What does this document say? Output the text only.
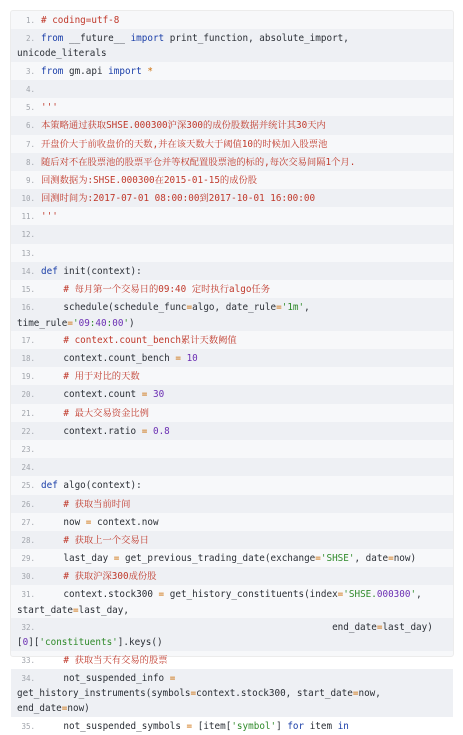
1. # coding=utf-8
2. from __future__ import print_function, absolute_import,
unicode_literals
3. from gm.api import *
4.
5. '''
6. 本策略通过获取SHSE.000300沪深300的成份股数据并统计其30天内
7. 开盘价大于前收盘价的天数,并在该天数大于阈值10的时候加入股票池
8. 随后对不在股票池的股票平仓并等权配置股票池的标的,每次交易间隔1个月.
9. 回测数据为:SHSE.000300在2015-01-15的成份股
10. 回测时间为:2017-07-01 08:00:00到2017-10-01 16:00:00
11. '''
12.
13.
14. def init(context):
15. # 每月第一个交易日的09:40 定时执行algo任务
16. schedule(schedule_func=algo, date_rule='1m',
time_rule='09:40:00')
17. # context.count_bench累计天数阙值
18. context.count_bench = 10
19. # 用于对比的天数
20. context.count = 30
21. # 最大交易资金比例
22. context.ratio = 0.8
23.
24.
25. def algo(context):
26. # 获取当前时间
27. now = context.now
28. # 获取上一个交易日
29. last_day = get_previous_trading_date(exchange='SHSE', date=now)
30. # 获取沪深300成份股
31. context.stock300 = get_history_constituents(index='SHSE.000300',
start_date=last_day,
32. end_date=last_day)
[0]['constituents'].keys()
33. # 获取当天有交易的股票
34. not_suspended_info =
get_history_instruments(symbols=context.stock300, start_date=now,
end_date=now)
35. not_suspended_symbols = [item['symbol'] for item in
